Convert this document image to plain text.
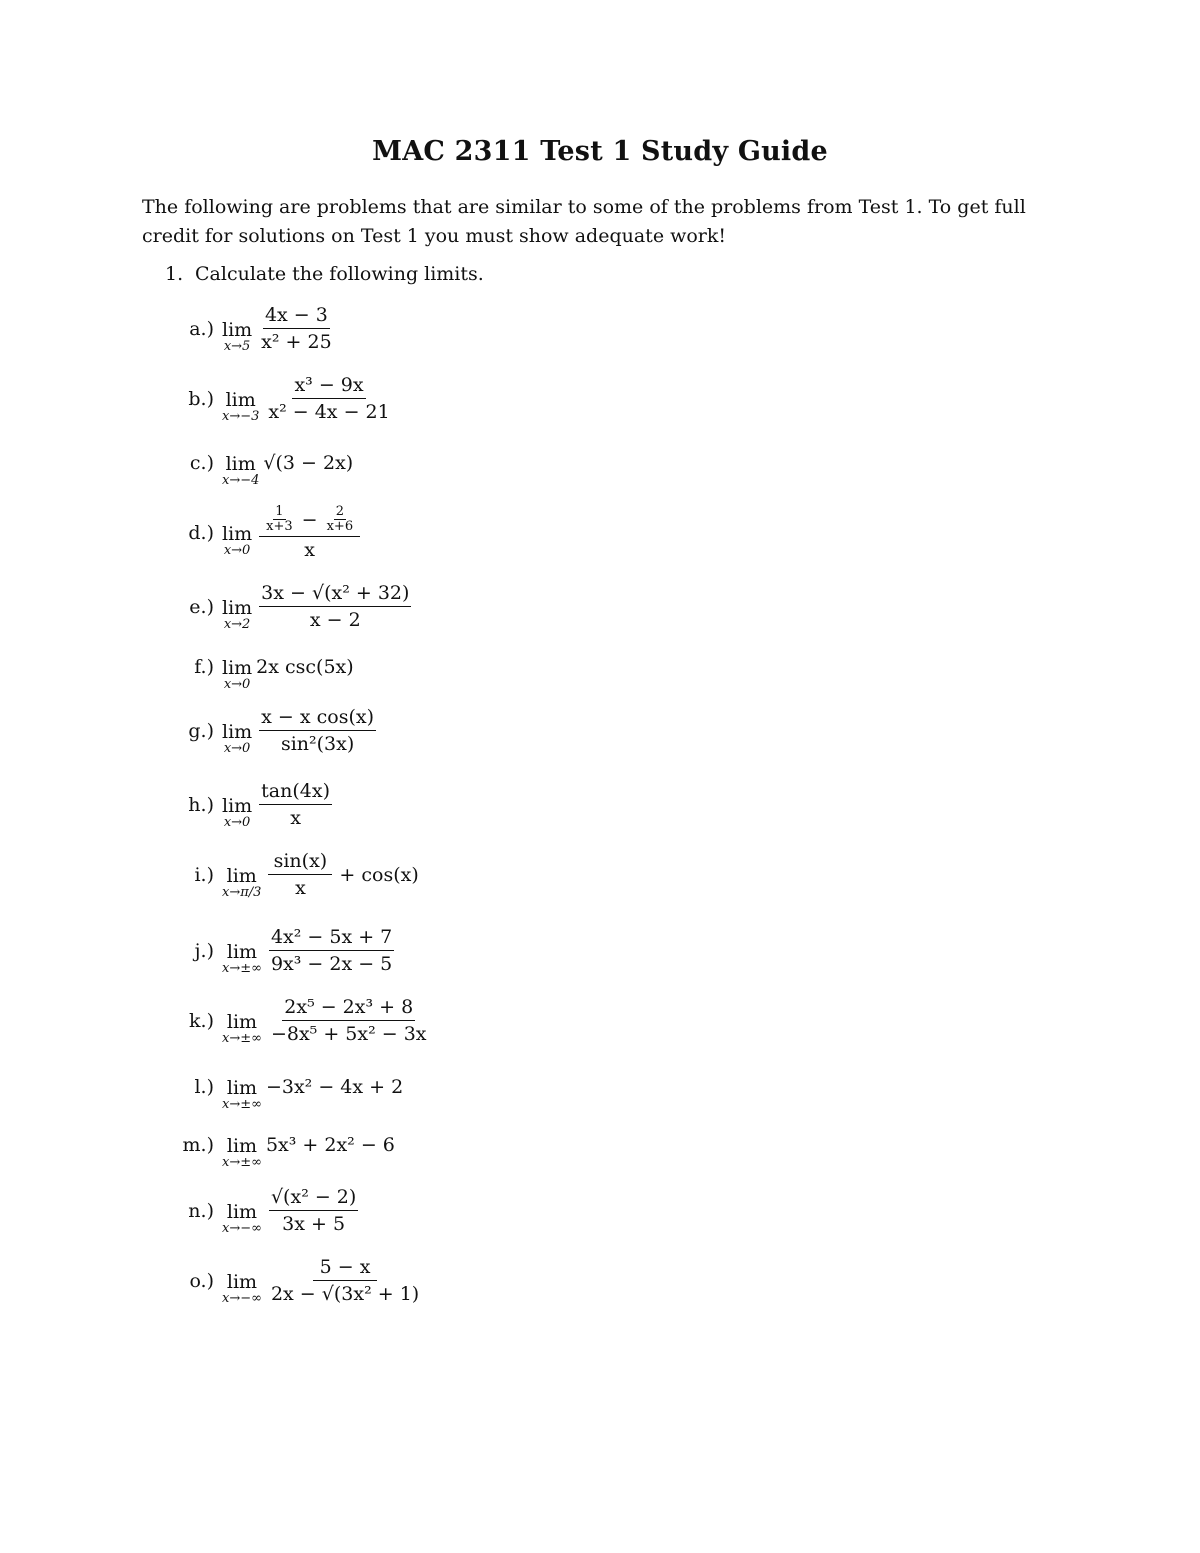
MAC 2311 Test 1 Study Guide
The following are problems that are similar to some of the problems from Test 1. To get full credit for solutions on Test 1 you must show adequate work!
1. Calculate the following limits.
a.) lim
$x\to 5 \frac{4x - 3}{\text{x² + 25}}$
b.) lim
$x\to-3 \frac{\text{x³ − 9x}}{\text{x² − 4x − 21}}$
c.) lim
x→−4
√(3 − 2x)
d.) lim
$x\to 0 \frac{\frac{1}{x+3} - \frac{2}{x+6}}{x}$
e.) lim
$x\to 2 \frac{\text{3x − √(x² + 32)}}{x - 2}$
f.) lim
x→0
2x csc(5x)
g.) lim
$x\to 0 \frac{\text{x − x cos(x)}}{\text{sin²(3x)}}$
h.) lim
$x\to 0 \frac{\tan(4x)}{x}$
i.) lim
$x\to\pi/3 \frac{\sin(x)}{x} + \cos(x)$
j.) lim
$x\to\pm\infty \frac{\text{4x² − 5x + 7}}{\text{9x³ − 2x − 5}}$
k.) lim
$x\to\pm\infty \frac{\text{2x⁵ − 2x³ + 8}}{\text{−8x⁵ + 5x² − 3x}}$
l.) lim
x→±∞
−3x² − 4x + 2
m.) lim
x→±∞
5x³ + 2x² − 6
n.) lim
$x\to-\infty \frac{\text{√(x² − 2)}}{3x + 5}$
o.) lim
$x\to-\infty \frac{5 - x}{\text{2x − √(3x² + 1)}}$
